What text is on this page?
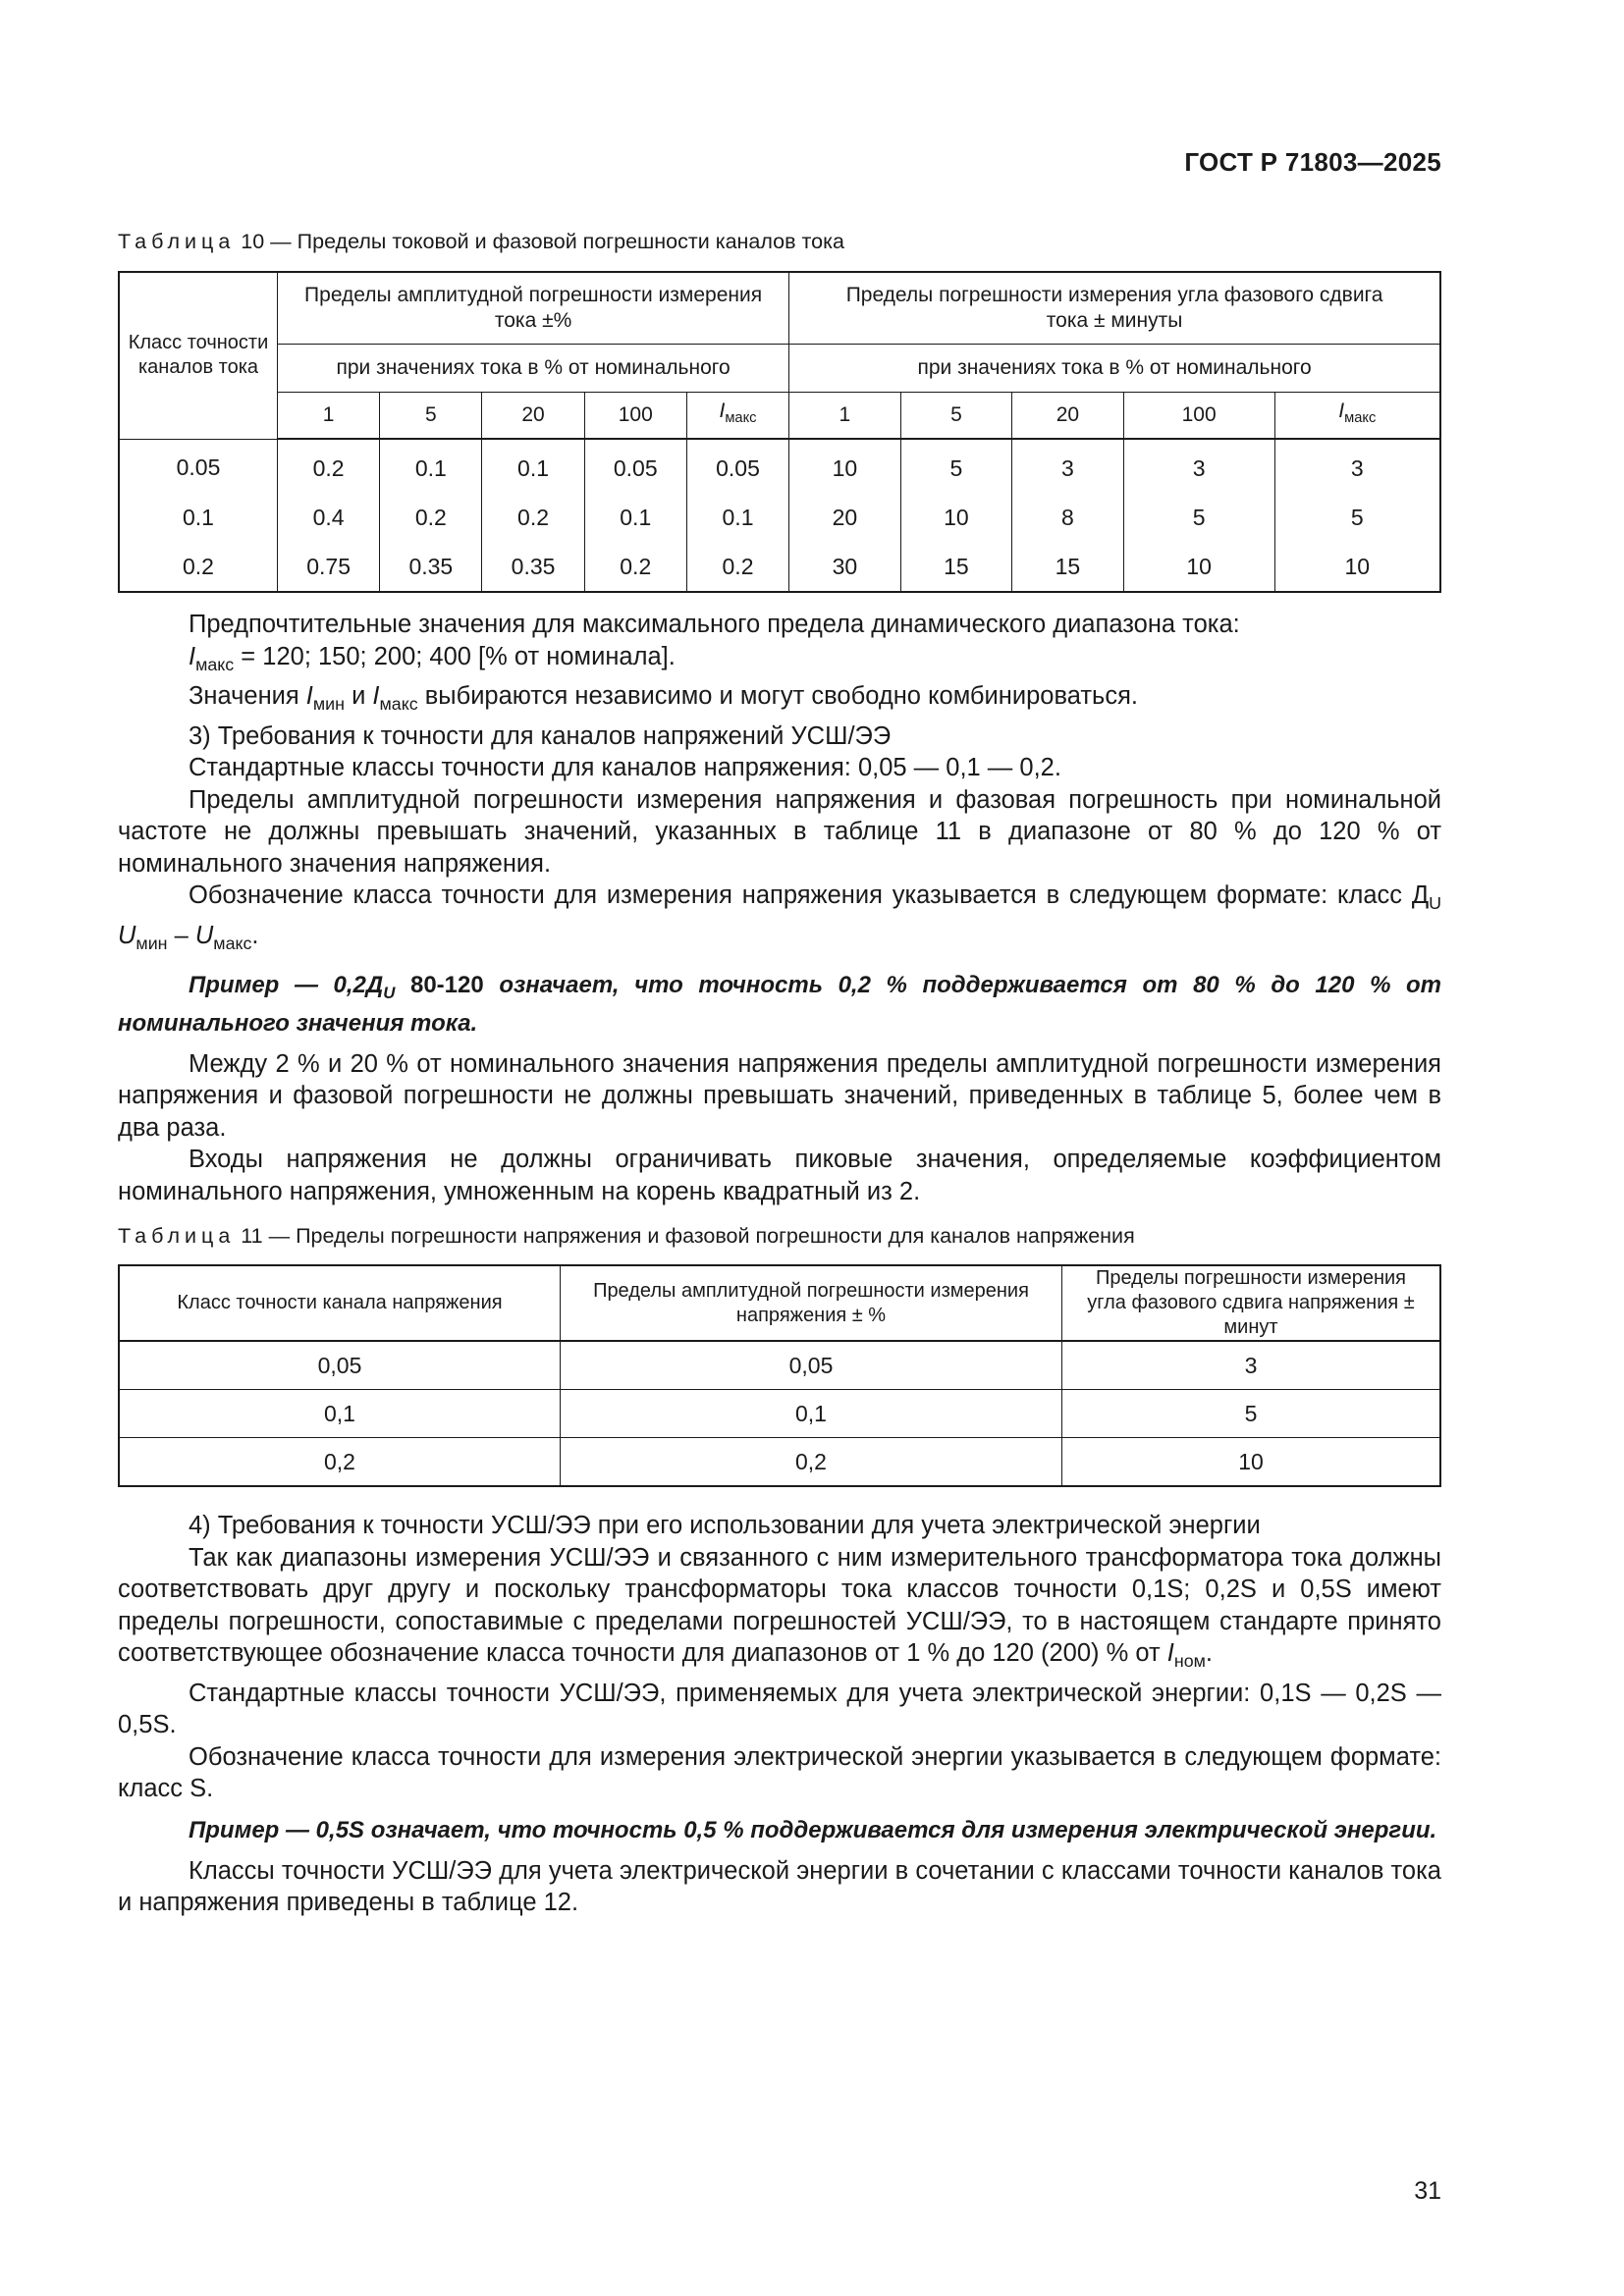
ГОСТ Р 71803—2025

Таблица 10 — Пределы токовой и фазовой погрешности каналов тока

Класс точности каналов тока	Пределы амплитудной погрешности измерения тока ±%					Пределы погрешности измерения угла фазового сдвига тока ± минуты				
	при значениях тока в % от номинального					при значениях тока в % от номинального				
	1	5	20	100	$I_{макс}$	1	5	20	100	$I_{макс}$
0.05	0.2	0.1	0.1	0.05	0.05	10	5	3	3	3
0.1	0.4	0.2	0.2	0.1	0.1	20	10	8	5	5
0.2	0.75	0.35	0.35	0.2	0.2	30	15	15	10	10

Предпочтительные значения для максимального предела динамического диапазона тока:

$I_{макс} = 120$; 150; 200; 400 [% от номинала].

Значения $I_{мин}$ и $I_{макс}$ выбираются независимо и могут свободно комбинироваться.

3) Требования к точности для каналов напряжений УСШ/ЭЭ

Стандартные классы точности для каналов напряжения: 0,05 — 0,1 — 0,2.

Пределы амплитудной погрешности измерения напряжения и фазовая погрешность при номинальной частоте не должны превышать значений, указанных в таблице 11 в диапазоне от 80 % до 120 % от номинального значения напряжения.

Обозначение класса точности для измерения напряжения указывается в следующем формате: класс $Д_U$ $U_{мин} - U_{макс}$.

Пример — $0,2Д_U$ 80-120 означает, что точность 0,2 % поддерживается от 80 % до 120 % от номинального значения тока.

Между 2 % и 20 % от номинального значения напряжения пределы амплитудной погрешности измерения напряжения и фазовой погрешности не должны превышать значений, приведенных в таблице 5, более чем в два раза.

Входы напряжения не должны ограничивать пиковые значения, определяемые коэффициентом номинального напряжения, умноженным на корень квадратный из 2.

Таблица 11 — Пределы погрешности напряжения и фазовой погрешности для каналов напряжения

Класс точности канала напряжения	Пределы амплитудной погрешности измерения напряжения ± %	Пределы погрешности измерения угла фазового сдвига напряжения ± минут
0,05	0,05	3
0,1	0,1	5
0,2	0,2	10

4) Требования к точности УСШ/ЭЭ при его использовании для учета электрической энергии

Так как диапазоны измерения УСШ/ЭЭ и связанного с ним измерительного трансформатора тока должны соответствовать друг другу и поскольку трансформаторы тока классов точности 0,1S; 0,2S и 0,5S имеют пределы погрешности, сопоставимые с пределами погрешностей УСШ/ЭЭ, то в настоящем стандарте принято соответствующее обозначение класса точности для диапазонов от 1 % до 120 (200) % от $I_{ном}$.

Стандартные классы точности УСШ/ЭЭ, применяемых для учета электрической энергии: 0,1S — 0,2S — 0,5S.

Обозначение класса точности для измерения электрической энергии указывается в следующем формате: класс S.

Пример — 0,5S означает, что точность 0,5 % поддерживается для измерения электрической энергии.

Классы точности УСШ/ЭЭ для учета электрической энергии в сочетании с классами точности каналов тока и напряжения приведены в таблице 12.

31
